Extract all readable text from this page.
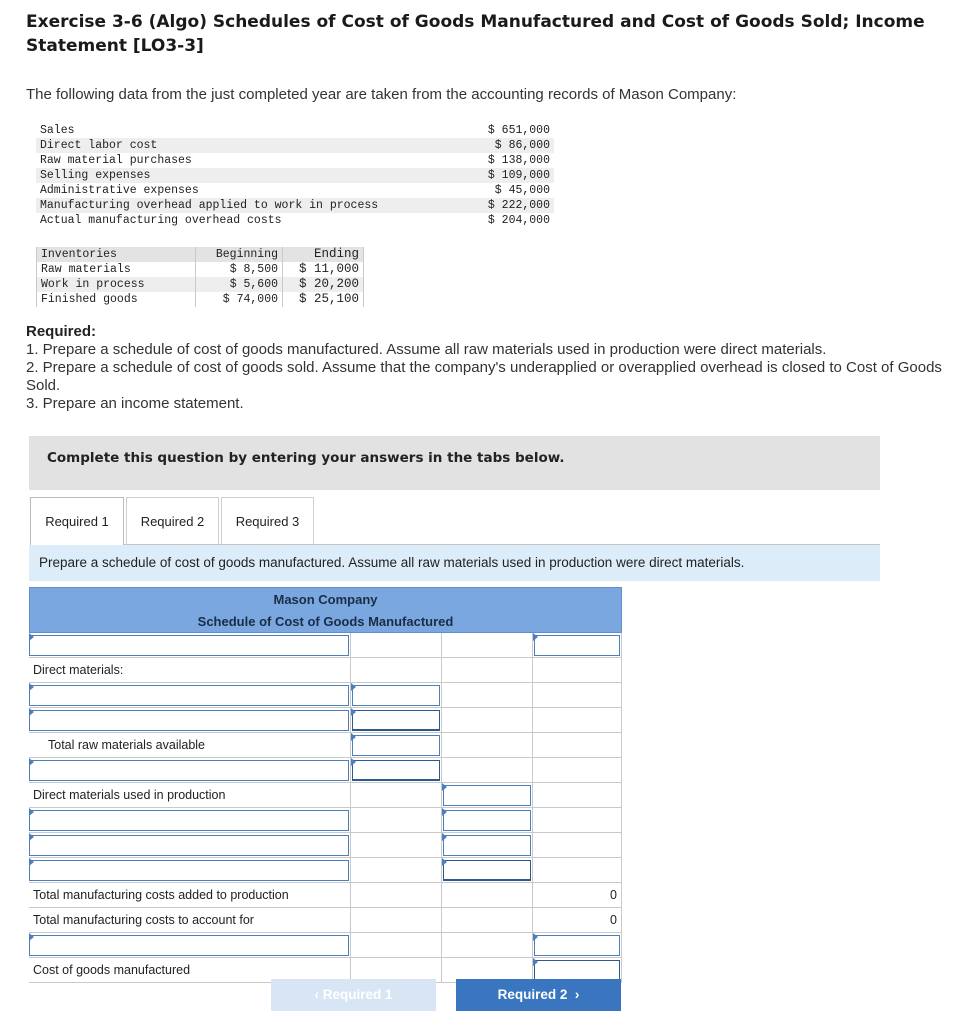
Exercise 3-6 (Algo) Schedules of Cost of Goods Manufactured and Cost of Goods Sold; Income Statement [LO3-3]
The following data from the just completed year are taken from the accounting records of Mason Company:
Sales	$ 651,000
Direct labor cost	$ 86,000
Raw material purchases	$ 138,000
Selling expenses	$ 109,000
Administrative expenses	$ 45,000
Manufacturing overhead applied to work in process	$ 222,000
Actual manufacturing overhead costs	$ 204,000
Inventories	Beginning	Ending
Raw materials	$ 8,500	$ 11,000
Work in process	$ 5,600	$ 20,200
Finished goods	$ 74,000	$ 25,100
Required:
1. Prepare a schedule of cost of goods manufactured. Assume all raw materials used in production were direct materials.
2. Prepare a schedule of cost of goods sold. Assume that the company's underapplied or overapplied overhead is closed to Cost of Goods Sold.
3. Prepare an income statement.
Complete this question by entering your answers in the tabs below.
Required 1	Required 2	Required 3
Prepare a schedule of cost of goods manufactured. Assume all raw materials used in production were direct materials.
Mason Company
Schedule of Cost of Goods Manufactured
Direct materials:
Total raw materials available
Direct materials used in production
Total manufacturing costs added to production	0
Total manufacturing costs to account for	0
Cost of goods manufactured
‹ Required 1	Required 2  ›
